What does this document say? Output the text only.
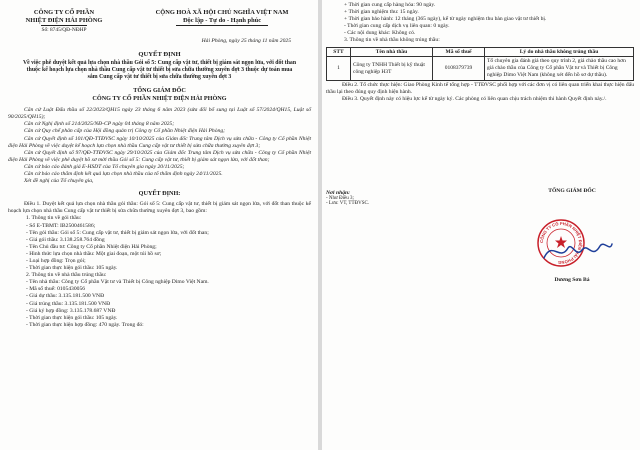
CÔNG TY CỔ PHẦN
NHIỆT ĐIỆN HẢI PHÒNG
Số: 8745/QĐ-NĐHP
CỘNG HOÀ XÃ HỘI CHỦ NGHĨA VIỆT NAM
Độc lập - Tự do - Hạnh phúc
Hải Phòng, ngày 25 tháng 11 năm 2025
QUYẾT ĐỊNH
Về việc phê duyệt kết quả lựa chọn nhà thầu Gói số 5: Cung cấp vật tư, thiết bị giám sát ngọn lửa, với đốt than thuộc kế hoạch lựa chọn nhà thầu Cung cấp vật tư thiết bị sửa chữa thường xuyên đợt 3 thuộc dự toán mua sắm Cung cấp vật tư thiết bị sửa chữa thường xuyên đợt 3
TỔNG GIÁM ĐỐC
CÔNG TY CỔ PHẦN NHIỆT ĐIỆN HẢI PHÒNG
Căn cứ Luật Đấu thầu số 22/2023/QH15 ngày 23 tháng 6 năm 2023 (sửa đổi bổ sung tại Luật số 57/2024/QH15, Luật số 90/2025/QH15);
Căn cứ Nghị định số 214/2025/NĐ-CP ngày 04 tháng 8 năm 2025;
Căn cứ Quy chế phân cấp của Hội đồng quản trị Công ty Cổ phần Nhiệt điện Hải Phòng;
Căn cứ Quyết định số 101/QĐ-TTĐVSC ngày 10/10/2025 của Giám đốc Trung tâm Dịch vụ sửa chữa - Công ty Cổ phần Nhiệt điện Hải Phòng về việc duyệt kế hoạch lựa chọn nhà thầu Cung cấp vật tư thiết bị sửa chữa thường xuyên đợt 3;
Căn cứ Quyết định số 97/QĐ-TTĐVSC ngày 29/10/2025 của Giám đốc Trung tâm Dịch vụ sửa chữa - Công ty Cổ phần Nhiệt điện Hải Phòng về việc phê duyệt hồ sơ mời thầu Gói số 5: Cung cấp vật tư, thiết bị giám sát ngọn lửa, với đốt than;
Căn cứ báo cáo đánh giá E-HSDT của Tổ chuyên gia ngày 20/11/2025;
Căn cứ báo cáo thẩm định kết quả lựa chọn nhà thầu của tổ thẩm định ngày 24/11/2025.
Xét đề nghị của Tổ chuyên gia,
QUYẾT ĐỊNH:
Điều 1. Duyệt kết quả lựa chọn nhà thầu gói thầu: Gói số 5: Cung cấp vật tư, thiết bị giám sát ngọn lửa, với đốt than thuộc kế hoạch lựa chọn nhà thầu Cung cấp vật tư thiết bị sửa chữa thường xuyên đợt 3, bao gồm:
1. Thông tin về gói thầu:
- Số E-TBMT: IB2500461586;
- Tên gói thầu: Gói số 5: Cung cấp vật tư, thiết bị giám sát ngọn lửa, với đốt than;
- Giá gói thầu: 3.138.258.764 đồng
- Tên Chủ đầu tư: Công ty Cổ phần Nhiệt điện Hải Phòng;
- Hình thức lựa chọn nhà thầu: Một giai đoạn, một túi hồ sơ;
- Loại hợp đồng: Trọn gói;
- Thời gian thực hiện gói thầu: 105 ngày.
2. Thông tin về nhà thầu trúng thầu:
- Tên nhà thầu: Công ty Cổ phần Vật tư và Thiết bị Công nghiệp Dimo Việt Nam.
- Mã số thuế: 0105430056
- Giá dự thầu: 3.135.181.500 VNĐ
- Giá trúng thầu: 3.135.181.500 VNĐ
- Giá ký hợp đồng: 3.135.178.687 VNĐ
- Thời gian thực hiện gói thầu: 105 ngày.
- Thời gian thực hiện hợp đồng: 470 ngày. Trong đó:
+ Thời gian cung cấp hàng hóa: 90 ngày.
+ Thời gian nghiệm thu: 15 ngày.
+ Thời gian bảo hành: 12 tháng (365 ngày), kể từ ngày nghiệm thu bàn giao vật tư thiết bị.
- Thời gian cung cấp dịch vụ liên quan: 0 ngày.
- Các nội dung khác: Không có.
3. Thông tin về nhà thầu không trúng thầu:
STT	Tên nhà thầu	Mã số thuế	Lý do nhà thầu không trúng thầu
1	Công ty TNHH Thiết bị kỹ thuật công nghiệp H3T	0108379739	Tổ chuyên gia đánh giá theo quy trình 2, giá chào thầu cao hơn giá chào thầu của Công ty Cổ phần Vật tư và Thiết bị Công nghiệp Dimo Việt Nam (không xét đến hồ sơ dự thầu).
Điều 2. Tổ chức thực hiện: Giao Phòng Kinh tế tổng hợp - TTĐVSC phối hợp với các đơn vị có liên quan triển khai thực hiện đấu thầu lại theo đúng quy định hiện hành.
Điều 3. Quyết định này có hiệu lực kể từ ngày ký. Các phòng có liên quan chịu trách nhiệm thi hành Quyết định này./.
Nơi nhận:
- Như Điều 3;
- Lưu: VT, TTĐVSC.
TỔNG GIÁM ĐỐC
CÔNG TY CỔ PHẦN NHIỆT ĐIỆN HẢI PHÒNG
Dương Sơn Bá
